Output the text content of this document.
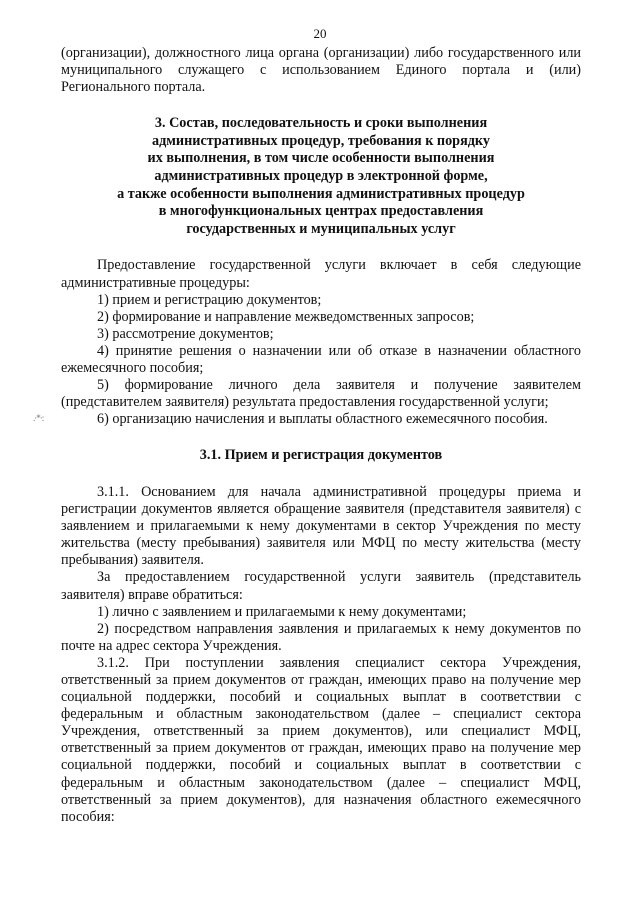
20
.·*·:

(организации), должностного лица органа (организации) либо государственного или муниципального служащего с использованием Единого портала и (или) Регионального портала.

3. Состав, последовательность и сроки выполнения

административных процедур, требования к порядку

их выполнения, в том числе особенности выполнения

административных процедур в электронной форме,

а также особенности выполнения административных процедур

в многофункциональных центрах предоставления

государственных и муниципальных услуг

Предоставление государственной услуги включает в себя следующие административные процедуры:

1) прием и регистрацию документов;

2) формирование и направление межведомственных запросов;

3) рассмотрение документов;

4) принятие решения о назначении или об отказе в назначении областного ежемесячного пособия;

5) формирование личного дела заявителя и получение заявителем (представителем заявителя) результата предоставления государственной услуги;

6) организацию начисления и выплаты областного ежемесячного пособия.

3.1. Прием и регистрация документов

3.1.1. Основанием для начала административной процедуры приема и регистрации документов является обращение заявителя (представителя заявителя) с заявлением и прилагаемыми к нему документами в сектор Учреждения по месту жительства (месту пребывания) заявителя или МФЦ по месту жительства (месту пребывания) заявителя.

За предоставлением государственной услуги заявитель (представитель заявителя) вправе обратиться:

1) лично с заявлением и прилагаемыми к нему документами;

2) посредством направления заявления и прилагаемых к нему документов по почте на адрес сектора Учреждения.

3.1.2. При поступлении заявления специалист сектора Учреждения, ответственный за прием документов от граждан, имеющих право на получение мер социальной поддержки, пособий и социальных выплат в соответствии с федеральным и областным законодательством (далее – специалист сектора Учреждения, ответственный за прием документов), или специалист МФЦ, ответственный за прием документов от граждан, имеющих право на получение мер социальной поддержки, пособий и социальных выплат в соответствии с федеральным и областным законодательством (далее – специалист МФЦ, ответственный за прием документов), для назначения областного ежемесячного пособия:
